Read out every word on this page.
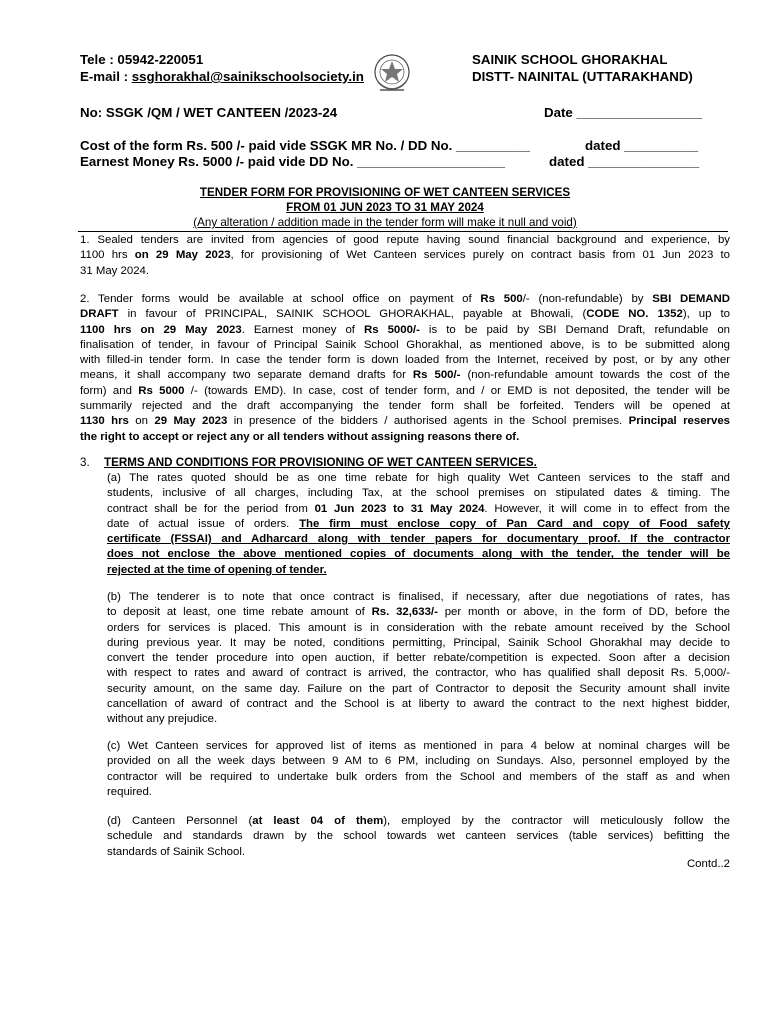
Tele : 05942-220051
E-mail : ssghorakhal@sainikschoolsociety.in
SAINIK SCHOOL GHORAKHAL
DISTT- NAINITAL (UTTARAKHAND)
No: SSGK /QM / WET CANTEEN /2023-24	Date _________________
Cost of the form Rs. 500 /- paid vide SSGK MR No. / DD No. __________	dated __________
Earnest Money Rs. 5000 /- paid vide DD No. ____________________	dated _______________
TENDER FORM FOR PROVISIONING OF WET CANTEEN SERVICES
FROM 01 JUN 2023 TO 31 MAY 2024
(Any alteration / addition made in the tender form will make it null and void)
1. Sealed tenders are invited from agencies of good repute having sound financial background and experience, by
1100 hrs on 29 May 2023, for provisioning of Wet Canteen services purely on contract basis from 01 Jun 2023 to
31 May 2024.
2. Tender forms would be available at school office on payment of Rs 500/- (non-refundable) by SBI DEMAND
DRAFT in favour of PRINCIPAL, SAINIK SCHOOL GHORAKHAL, payable at Bhowali, (CODE NO. 1352), up to
1100 hrs on 29 May 2023. Earnest money of Rs 5000/- is to be paid by SBI Demand Draft, refundable on
finalisation of tender, in favour of Principal Sainik School Ghorakhal, as mentioned above, is to be submitted along
with filled-in tender form. In case the tender form is down loaded from the Internet, received by post, or by any other
means, it shall accompany two separate demand drafts for Rs 500/- (non-refundable amount towards the cost of the
form) and Rs 5000 /- (towards EMD). In case, cost of tender form, and / or EMD is not deposited, the tender will be
summarily rejected and the draft accompanying the tender form shall be forfeited. Tenders will be opened at
1130 hrs on 29 May 2023 in presence of the bidders / authorised agents in the School premises. Principal reserves
the right to accept or reject any or all tenders without assigning reasons there of.
3. TERMS AND CONDITIONS FOR PROVISIONING OF WET CANTEEN SERVICES.
(a) The rates quoted should be as one time rebate for high quality Wet Canteen services to the staff and
students, inclusive of all charges, including Tax, at the school premises on stipulated dates & timing. The
contract shall be for the period from 01 Jun 2023 to 31 May 2024. However, it will come in to effect from the
date of actual issue of orders. The firm must enclose copy of Pan Card and copy of Food safety
certificate (FSSAI) and Adharcard along with tender papers for documentary proof. If the contractor
does not enclose the above mentioned copies of documents along with the tender, the tender will be
rejected at the time of opening of tender.
(b) The tenderer is to note that once contract is finalised, if necessary, after due negotiations of rates, has
to deposit at least, one time rebate amount of Rs. 32,633/- per month or above, in the form of DD, before the
orders for services is placed. This amount is in consideration with the rebate amount received by the School
during previous year. It may be noted, conditions permitting, Principal, Sainik School Ghorakhal may decide to
convert the tender procedure into open auction, if better rebate/competition is expected. Soon after a decision
with respect to rates and award of contract is arrived, the contractor, who has qualified shall deposit Rs. 5,000/-
security amount, on the same day. Failure on the part of Contractor to deposit the Security amount shall invite
cancellation of award of contract and the School is at liberty to award the contract to the next highest bidder,
without any prejudice.
(c) Wet Canteen services for approved list of items as mentioned in para 4 below at nominal charges will be
provided on all the week days between 9 AM to 6 PM, including on Sundays. Also, personnel employed by the
contractor will be required to undertake bulk orders from the School and members of the staff as and when
required.
(d) Canteen Personnel (at least 04 of them), employed by the contractor will meticulously follow the
schedule and standards drawn by the school towards wet canteen services (table services) befitting the
standards of Sainik School.
Contd..2
